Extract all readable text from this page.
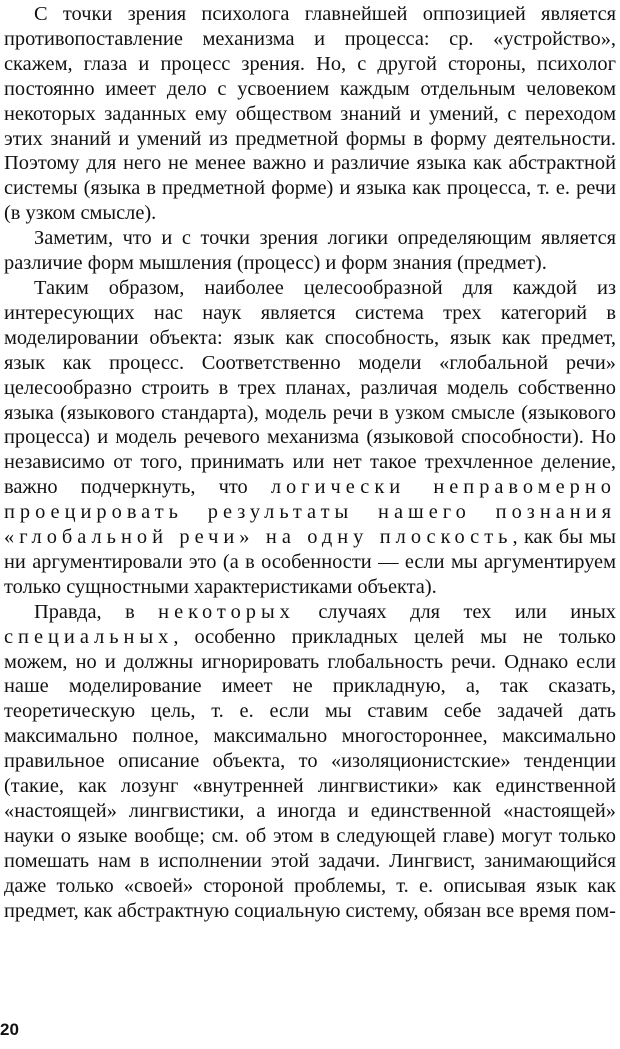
С точки зрения психолога главнейшей оппозицией является противопоставление механизма и процесса: ср. «устройство», скажем, глаза и процесс зрения. Но, с другой стороны, психолог постоянно имеет дело с усвоением каждым отдельным человеком некоторых заданных ему обществом знаний и умений, с переходом этих знаний и умений из предметной формы в форму деятельности. Поэтому для него не менее важно и различие языка как абстрактной системы (языка в предметной форме) и языка как процесса, т. е. речи (в узком смысле).

Заметим, что и с точки зрения логики определяющим является различие форм мышления (процесс) и форм знания (предмет).

Таким образом, наиболее целесообразной для каждой из интересующих нас наук является система трех категорий в моделировании объекта: язык как способность, язык как предмет, язык как процесс. Соответственно модели «глобальной речи» целесообразно строить в трех планах, различая модель собственно языка (языкового стандарта), модель речи в узком смысле (языкового процесса) и модель речевого механизма (языковой способности). Но независимо от того, принимать или нет такое трехчленное деление, важно подчеркнуть, что логически неправомерно проецировать результаты нашего познания «глобальной речи» на одну плоскость, как бы мы ни аргументировали это (а в особенности — если мы аргументируем только сущностными характеристиками объекта).

Правда, в некоторых случаях для тех или иных специальных, особенно прикладных целей мы не только можем, но и должны игнорировать глобальность речи. Однако если наше моделирование имеет не прикладную, а, так сказать, теоретическую цель, т. е. если мы ставим себе задачей дать максимально полное, максимально многостороннее, максимально правильное описание объекта, то «изоляционистские» тенденции (такие, как лозунг «внутренней лингвистики» как единственной «настоящей» лингвистики, а иногда и единственной «настоящей» науки о языке вообще; см. об этом в следующей главе) могут только помешать нам в исполнении этой задачи. Лингвист, занимающийся даже только «своей» стороной проблемы, т. е. описывая язык как предмет, как абстрактную социальную систему, обязан все время пом-

20
